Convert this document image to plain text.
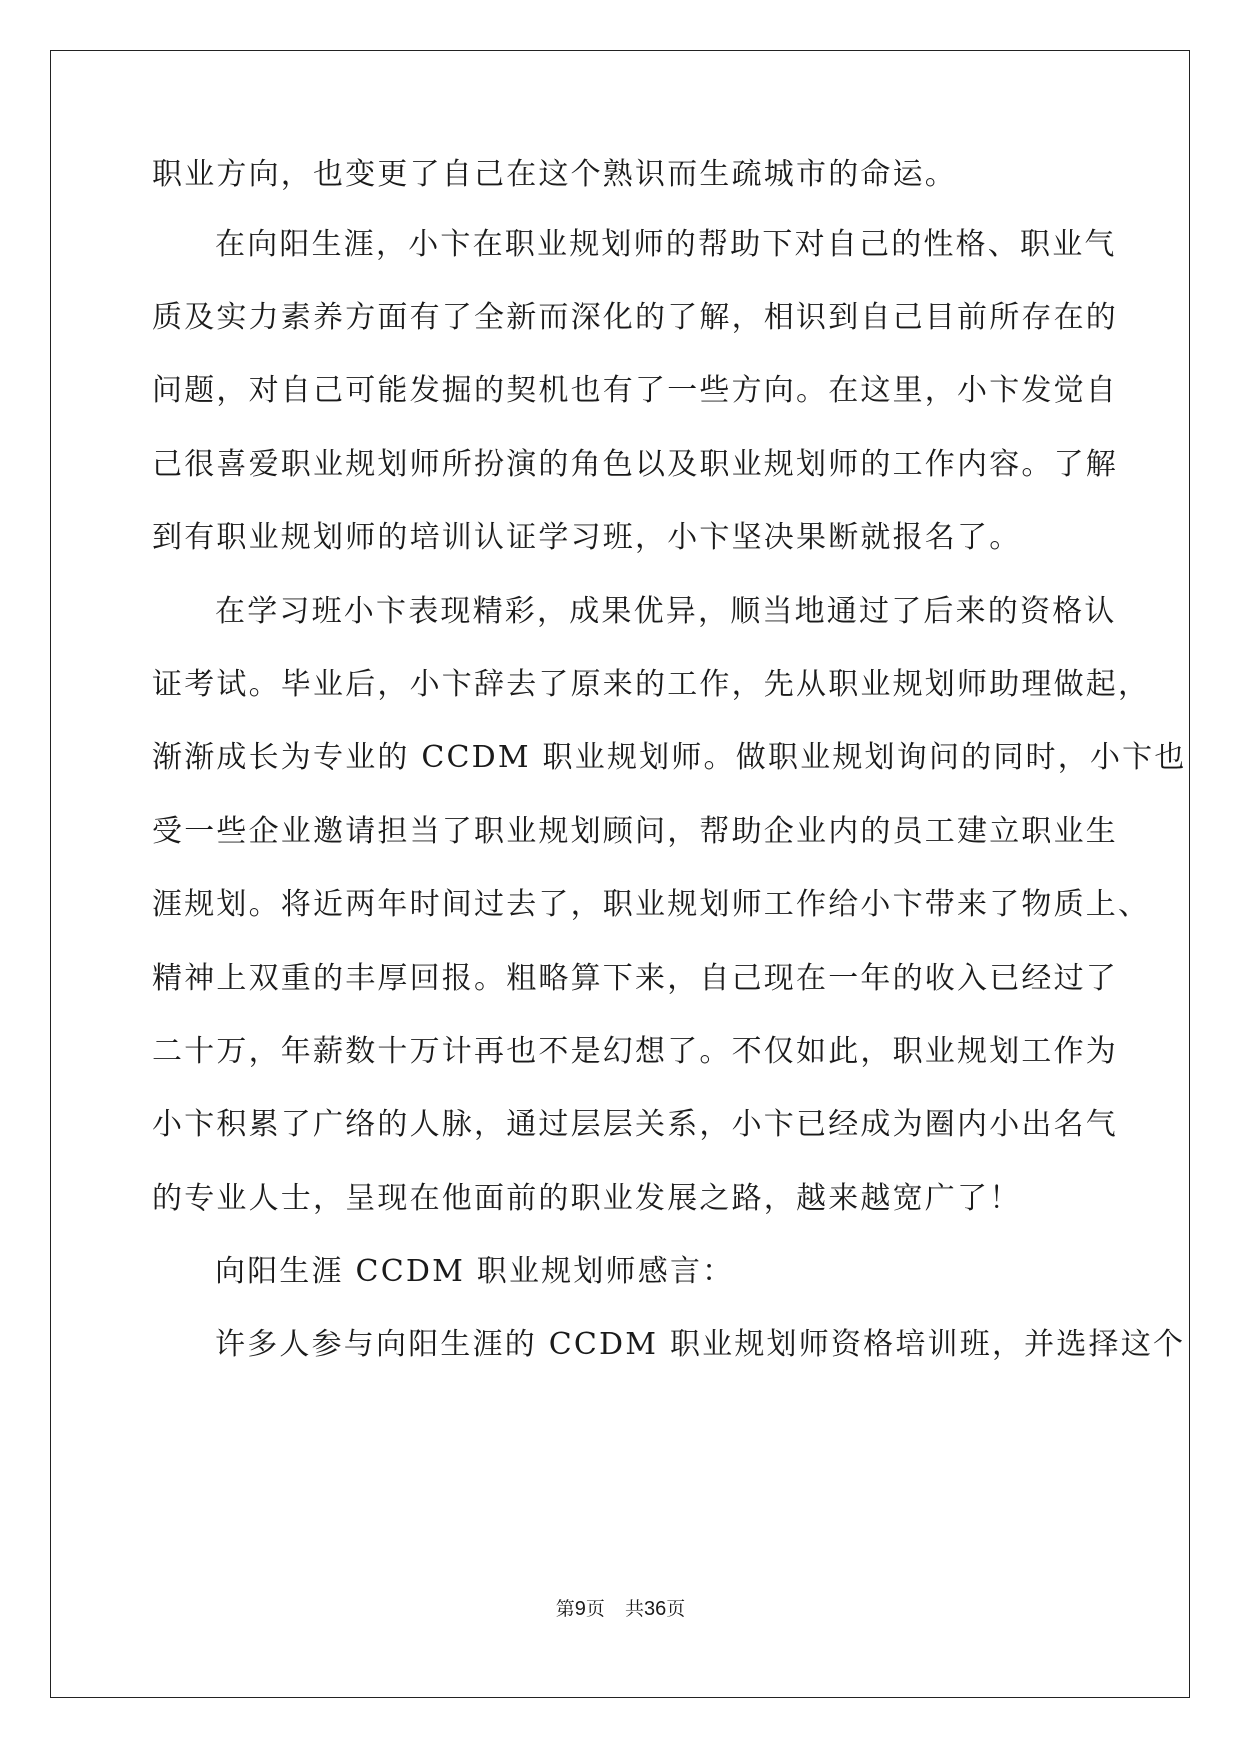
职业方向，也变更了自己在这个熟识而生疏城市的命运。
在向阳生涯，小卞在职业规划师的帮助下对自己的性格、职业气
质及实力素养方面有了全新而深化的了解，相识到自己目前所存在的
问题，对自己可能发掘的契机也有了一些方向。在这里，小卞发觉自
己很喜爱职业规划师所扮演的角色以及职业规划师的工作内容。了解
到有职业规划师的培训认证学习班，小卞坚决果断就报名了。
在学习班小卞表现精彩，成果优异，顺当地通过了后来的资格认
证考试。毕业后，小卞辞去了原来的工作，先从职业规划师助理做起，
渐渐成长为专业的 CCDM 职业规划师。做职业规划询问的同时，小卞也
受一些企业邀请担当了职业规划顾问，帮助企业内的员工建立职业生
涯规划。将近两年时间过去了，职业规划师工作给小卞带来了物质上、
精神上双重的丰厚回报。粗略算下来，自己现在一年的收入已经过了
二十万，年薪数十万计再也不是幻想了。不仅如此，职业规划工作为
小卞积累了广络的人脉，通过层层关系，小卞已经成为圈内小出名气
的专业人士，呈现在他面前的职业发展之路，越来越宽广了！
向阳生涯 CCDM 职业规划师感言：
许多人参与向阳生涯的 CCDM 职业规划师资格培训班，并选择这个
第9页 共36页
